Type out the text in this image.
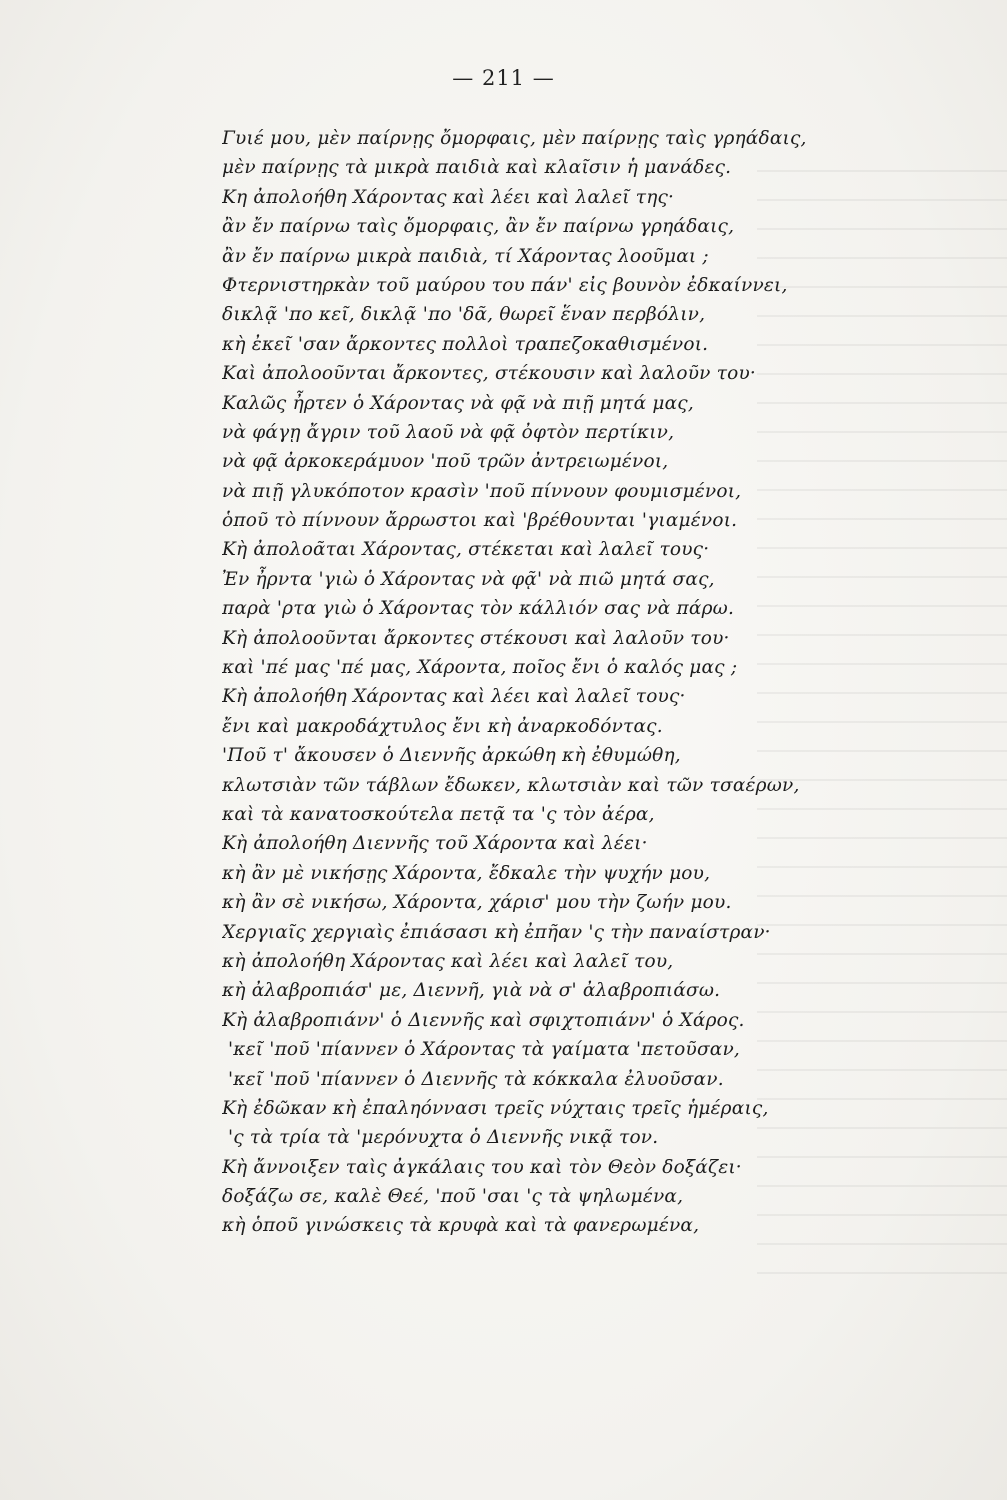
— 211 —
Γυιέ μου, μὲν παίρνῃς ὄμορφαις, μὲν παίρνῃς ταὶς γρηάδαις,
μὲν παίρνῃς τὰ μικρὰ παιδιὰ καὶ κλαῖσιν ἡ μανάδες.
Κη ἀπολοήθη Χάροντας καὶ λέει καὶ λαλεῖ της·
ἂν ἔν παίρνω ταὶς ὄμορφαις, ἂν ἔν παίρνω γρηάδαις,
ἂν ἔν παίρνω μικρὰ παιδιὰ, τί Χάροντας λοοῦμαι ;
Φτερνιστηρκὰν τοῦ μαύρου του πάν' εἰς βουνὸν ἐδκαίννει,
δικλᾷ 'πο κεῖ, δικλᾷ 'πο 'δᾶ, θωρεῖ ἕναν περβόλιν,
κὴ ἐκεῖ 'σαν ἄρκοντες πολλοὶ τραπεζοκαθισμένοι.
Καὶ ἀπολοοῦνται ἄρκοντες, στέκουσιν καὶ λαλοῦν του·
Καλῶς ἦρτεν ὁ Χάροντας νὰ φᾷ νὰ πιῇ μητά μας,
νὰ φάγῃ ἄγριν τοῦ λαοῦ νὰ φᾷ ὀφτὸν περτίκιν,
νὰ φᾷ ἀρκοκεράμυον 'ποῦ τρῶν ἀντρειωμένοι,
νὰ πιῇ γλυκόποτον κρασὶν 'ποῦ πίννουν φουμισμένοι,
ὁποῦ τὸ πίννουν ἄρρωστοι καὶ 'βρέθουνται 'γιαμένοι.
Κὴ ἀπολοᾶται Χάροντας, στέκεται καὶ λαλεῖ τους·
Ἐν ἦρντα 'γιὼ ὁ Χάροντας νὰ φᾷ' νὰ πιῶ μητά σας,
παρὰ 'ρτα γιὼ ὁ Χάροντας τὸν κάλλιόν σας νὰ πάρω.
Κὴ ἀπολοοῦνται ἄρκοντες στέκουσι καὶ λαλοῦν του·
καὶ 'πέ μας 'πέ μας, Χάροντα, ποῖος ἔνι ὁ καλός μας ;
Κὴ ἀπολοήθη Χάροντας καὶ λέει καὶ λαλεῖ τους·
ἔνι καὶ μακροδάχτυλος ἔνι κὴ ἀναρκοδόντας.
'Ποῦ τ' ἄκουσεν ὁ Διεννῆς ἀρκώθη κὴ ἐθυμώθη,
κλωτσιὰν τῶν τάβλων ἔδωκεν, κλωτσιὰν καὶ τῶν τσαέρων,
καὶ τὰ κανατοσκούτελα πετᾷ τα 'ς τὸν ἀέρα,
Κὴ ἀπολοήθη Διεννῆς τοῦ Χάροντα καὶ λέει·
κὴ ἂν μὲ νικήσῃς Χάροντα, ἔδκαλε τὴν ψυχήν μου,
κὴ ἂν σὲ νικήσω, Χάροντα, χάρισ' μου τὴν ζωήν μου.
Χεργιαῖς χεργιαὶς ἐπιάσασι κὴ ἐπῆαν 'ς τὴν παναίστραν·
κὴ ἀπολοήθη Χάροντας καὶ λέει καὶ λαλεῖ του,
κὴ ἀλαβροπιάσ' με, Διεννῆ, γιὰ νὰ σ' ἀλαβροπιάσω.
Κὴ ἀλαβροπιάνν' ὁ Διεννῆς καὶ σφιχτοπιάνν' ὁ Χάρος.
'κεῖ 'ποῦ 'πίαννεν ὁ Χάροντας τὰ γαίματα 'πετοῦσαν,
'κεῖ 'ποῦ 'πίαννεν ὁ Διεννῆς τὰ κόκκαλα ἐλυοῦσαν.
Κὴ ἐδῶκαν κὴ ἐπαληόννασι τρεῖς νύχταις τρεῖς ἡμέραις,
'ς τὰ τρία τὰ 'μερόνυχτα ὁ Διεννῆς νικᾷ τον.
Κὴ ἄννοιξεν ταὶς ἀγκάλαις του καὶ τὸν Θεὸν δοξάζει·
δοξάζω σε, καλὲ Θεέ, 'ποῦ 'σαι 'ς τὰ ψηλωμένα,
κὴ ὁποῦ γινώσκεις τὰ κρυφὰ καὶ τὰ φανερωμένα,
